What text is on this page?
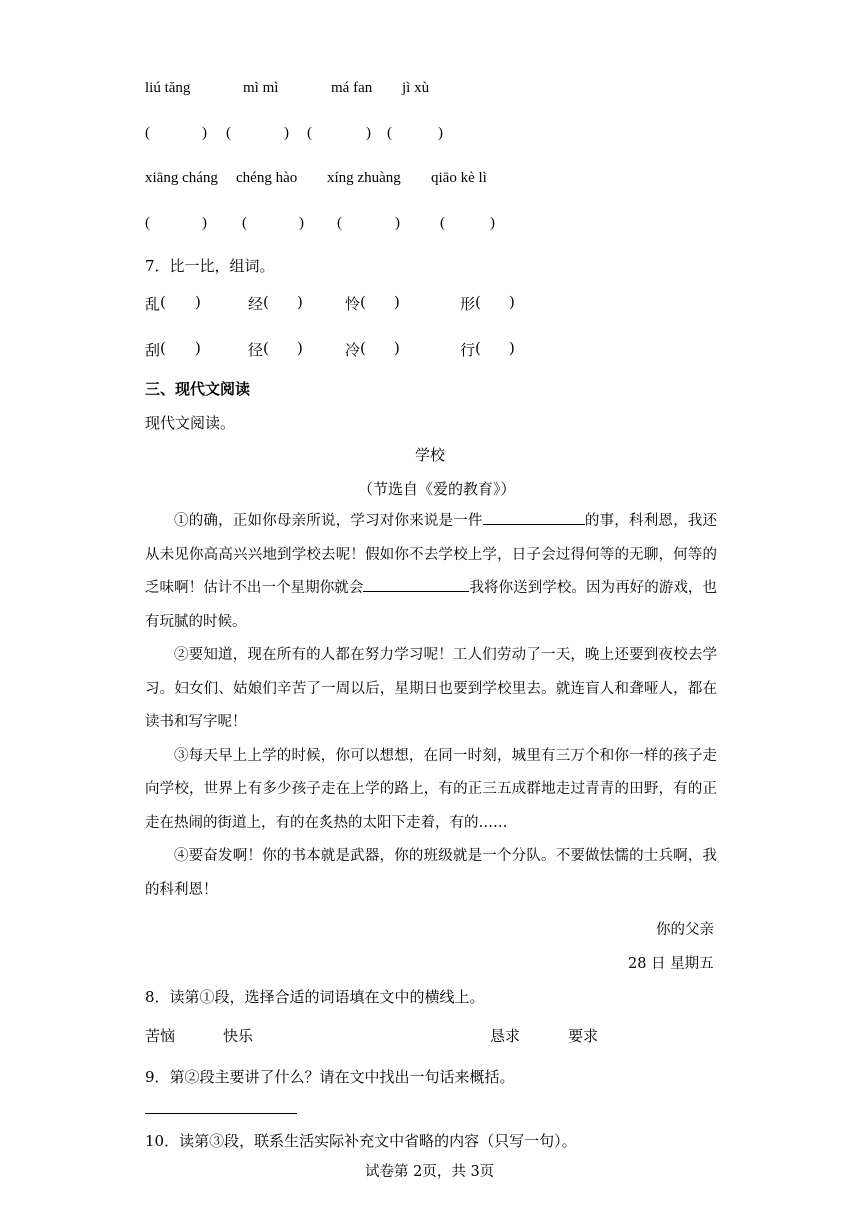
liú tăng	mì mì	má fan jì xù
(	) (	) (	) (	)
xiāng cháng chéng hào xíng zhuàng qiāo kè lì
(	) (	) (	)	(	)
7．比一比，组词。
乱 ( )	经 ( )	怜 ( )	形 ( )
刮 ( )	径 ( )	冷 ( )	行 ( )
三、现代文阅读
现代文阅读。
学校
（节选自《爱的教育》）

①的确，正如你母亲所说，学习对你来说是一件	的事，科利恩，我还从未见你高高兴兴地到学校去呢！假如你不去学校上学，日子会过得何等的无聊，何等的乏味啊！估计不出一个星期你就会	我将你送到学校。因为再好的游戏，也有玩腻的时候。

②要知道，现在所有的人都在努力学习呢！工人们劳动了一天，晚上还要到夜校去学习。妇女们、姑娘们辛苦了一周以后，星期日也要到学校里去。就连盲人和聋哑人，都在读书和写字呢！

③每天早上上学的时候，你可以想想，在同一时刻，城里有三万个和你一样的孩子走向学校，世界上有多少孩子走在上学的路上，有的正三五成群地走过青青的田野，有的正走在热闹的街道上，有的在炙热的太阳下走着，有的……

④要奋发啊！你的书本就是武器，你的班级就是一个分队。不要做怯懦的士兵啊，我的科利恩！

你的父亲
28 日 星期五
8．读第①段，选择合适的词语填在文中的横线上。
苦恼	快乐	恳求	要求
9．第②段主要讲了什么？请在文中找出一句话来概括。
10．读第③段，联系生活实际补充文中省略的内容（只写一句）。
试卷第 2页，共 3页
